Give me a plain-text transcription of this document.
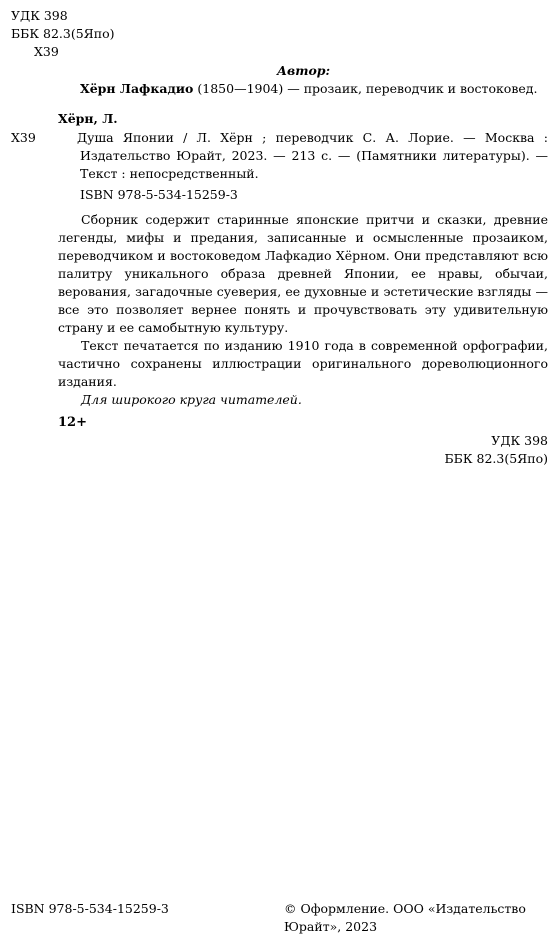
УДК 398
ББК 82.3(5Япо)
Х39
Автор:
Хёрн Лафкадио (1850—1904) — прозаик, переводчик и востоковед.
Хёрн, Л.
Х39	Душа Японии / Л. Хёрн ; переводчик С. А. Лорие. — Москва : Издательство Юрайт, 2023. — 213 с. — (Памятники литературы). — Текст : непосредственный.

ISBN 978-5-534-15259-3

Сборник содержит старинные японские притчи и сказки, древние легенды, мифы и предания, записанные и осмысленные прозаиком, переводчиком и востоковедом Лафкадио Хёрном. Они представляют всю палитру уникального образа древней Японии, ее нравы, обычаи, верования, загадочные суеверия, ее духовные и эстетические взгляды — все это позволяет вернее понять и прочувствовать эту удивительную страну и ее самобытную культуру.

Текст печатается по изданию 1910 года в современной орфографии, частично сохранены иллюстрации оригинального дореволюционного издания.

Для широкого круга читателей.

12+
УДК 398
ББК 82.3(5Япо)
ISBN 978-5-534-15259-3	© Оформление. ООО «Издательство
Юрайт», 2023
